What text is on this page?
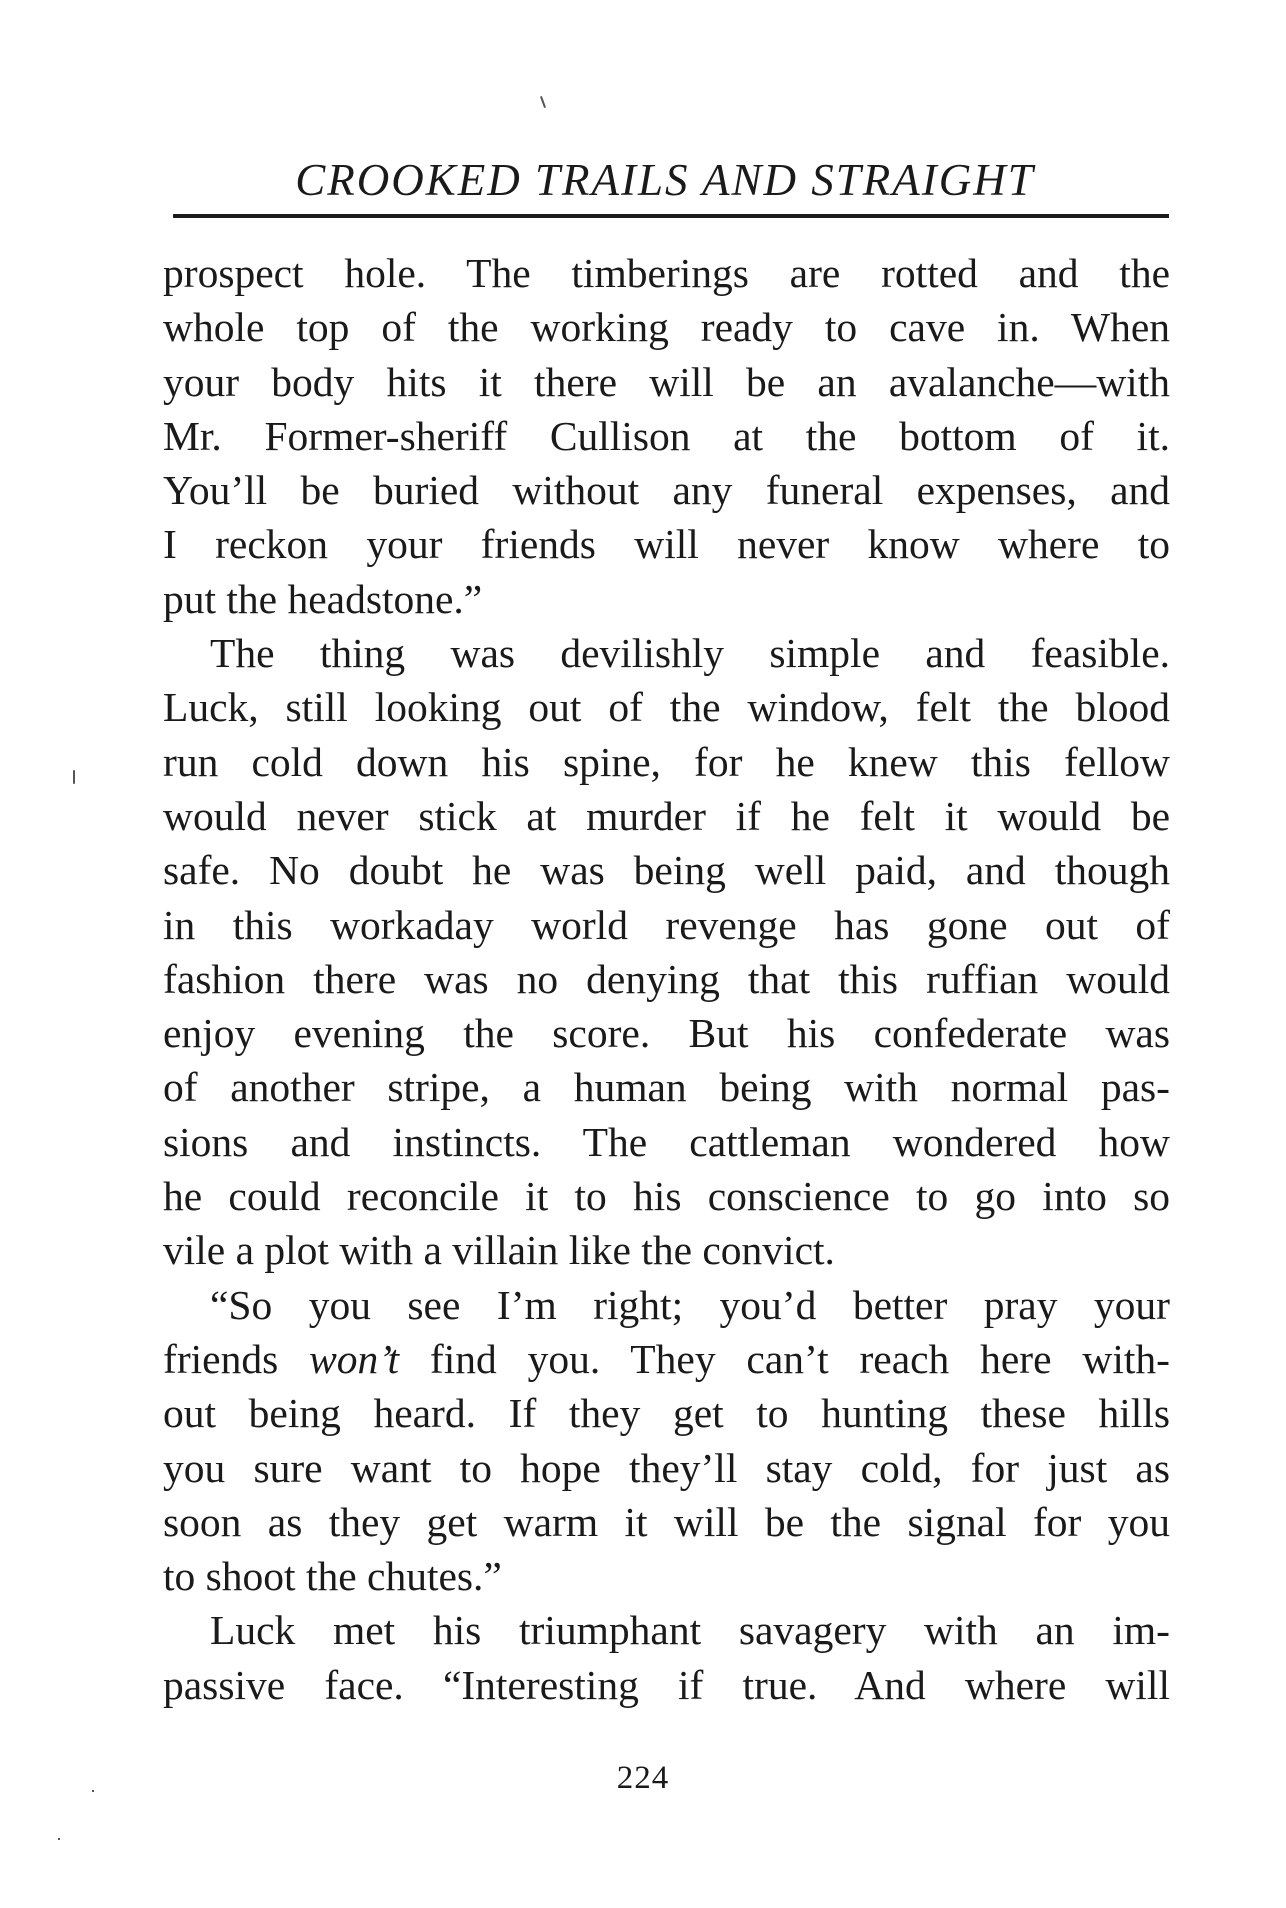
CROOKED TRAILS AND STRAIGHT
prospect hole. The timberings are rotted and the
whole top of the working ready to cave in. When
your body hits it there will be an avalanche—with
Mr. Former-sheriff Cullison at the bottom of it.
You’ll be buried without any funeral expenses, and
I reckon your friends will never know where to
put the headstone.”
The thing was devilishly simple and feasible.
Luck, still looking out of the window, felt the blood
run cold down his spine, for he knew this fellow
would never stick at murder if he felt it would be
safe. No doubt he was being well paid, and though
in this workaday world revenge has gone out of
fashion there was no denying that this ruffian would
enjoy evening the score. But his confederate was
of another stripe, a human being with normal pas-
sions and instincts. The cattleman wondered how
he could reconcile it to his conscience to go into so
vile a plot with a villain like the convict.
“So you see I’m right; you’d better pray your
friends won’t find you. They can’t reach here with-
out being heard. If they get to hunting these hills
you sure want to hope they’ll stay cold, for just as
soon as they get warm it will be the signal for you
to shoot the chutes.”
Luck met his triumphant savagery with an im-
passive face. “Interesting if true. And where will
224
